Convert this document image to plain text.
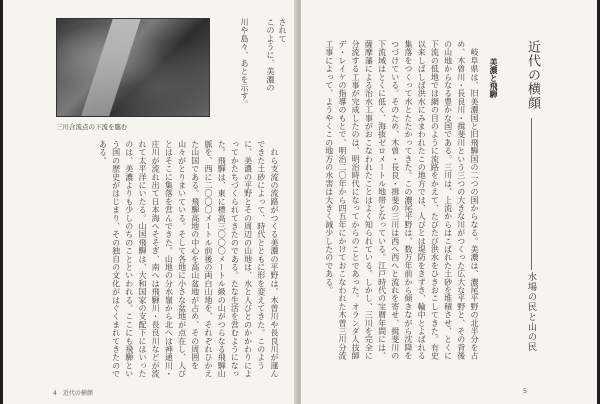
三川合流点の下流を臨む
川や島々、あとを示す。	このように、美濃の されて
　れら支流の流路がつくる美濃の平野は、木曽川や長良川が運んできた土砂によって、時代とともに形を変えてきた。このように、美濃の平野とその周辺の山地は、水と人びとのかかわりによってかたちづくられてきたのである。たな生活を営むようになった。飛騨は、東に標高三〇〇〇メートル級の山がつらなる飛騨山脈を、西に二〇〇〇メートル前後の両白山地を、それぞれひかえた山国である。飛騨高地の中心を高山盆地が占め、その周囲を山々がとりまいている。そして各地に小さな盆地が点在し、人びとはそこに集落を営んできた。山地の分水嶺から北へは神通川・庄川が流れ出て日本海へそそぎ、南へは飛騨川・長良川などが流れて太平洋にいたる。山国飛騨は、大和国家の支配下にはいったのは、美濃よりも少しのちのことといわれる。ここにも飛騨という国の歴史がはじまり、その独自の文化がはぐくまれてきたのである。
4　近代の横顔
　岐阜県は、旧美濃国と旧飛騨国の二つの国からなる。美濃は、濃尾平野の北半分を占め、木曽川・長良川・揖斐川という三つの大きな川がつくった広大な平野と、その背後の山地からなる豊かな国である。三川は、上流からはこばれた土砂を堆積させ、とくに下流の低地では網の目のように流路をかえて、たびたび洪水をひきおこしてきた。有史以来しばしば洪水にみまわれたこの地方では、人びとは堤防をきずき、輪中とよばれる集落をつくって水とたたかってきた。この濃尾平野は、数万年前から傾きながら沈降をつづけている。そのため、木曽・長良・揖斐の三川は西へ西へと流れを寄せ、揖斐川の下流域はとくに低く、海抜ゼロメートル地帯となっている。江戸時代の宝暦年間には、薩摩藩による治水工事がおこなわれたことはよく知られている。しかし、三川を完全に分流する工事が完成したのは、明治時代になってからのことであった。オランダ人技師デ・レイケの指導のもとで、明治二〇年から四五年にかけておこなわれた木曽三川分流工事によって、ようやくこの地方の水害は大きく減少したのである。
5
美濃と飛騨 近代の横顔
水場の民と山の民
